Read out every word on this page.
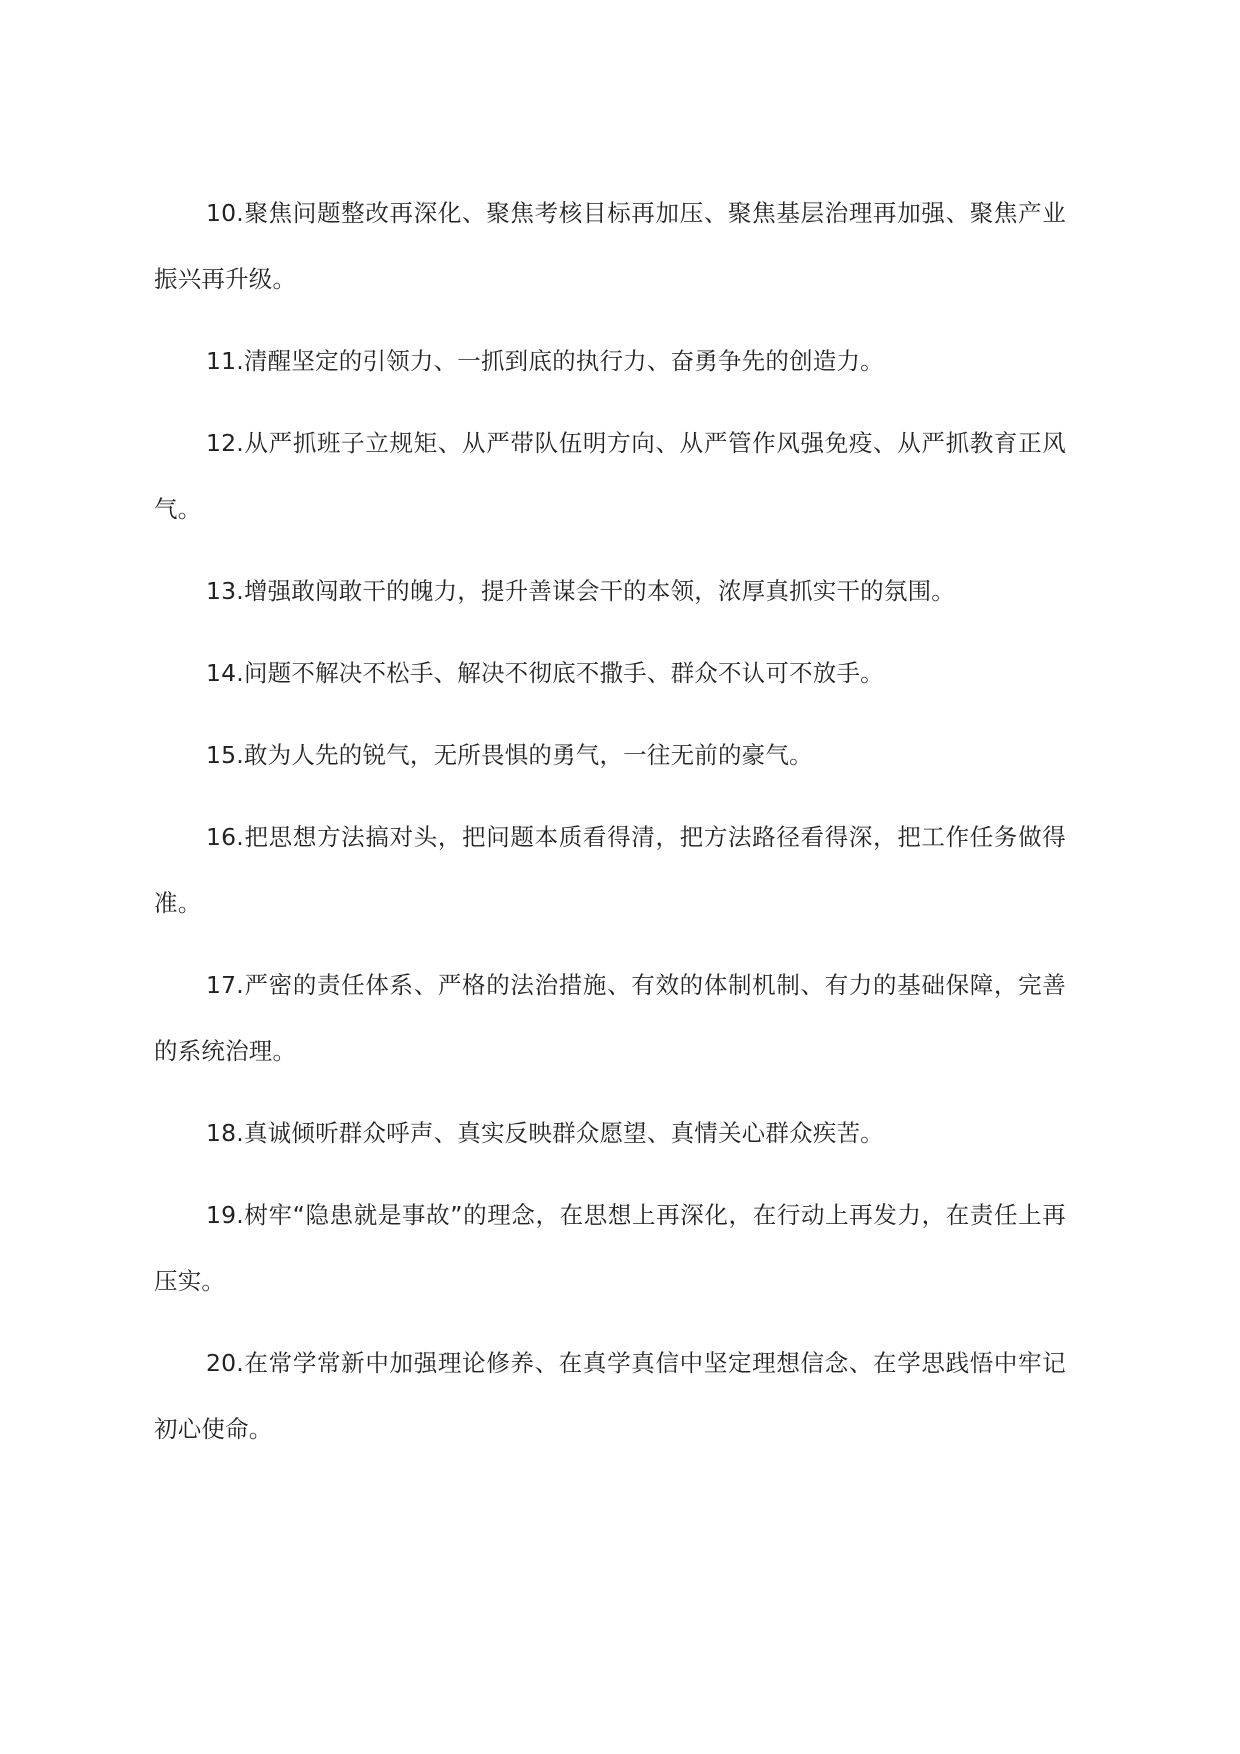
10.聚焦问题整改再深化、聚焦考核目标再加压、聚焦基层治理再加强、聚焦产业振兴再升级。

11.清醒坚定的引领力、一抓到底的执行力、奋勇争先的创造力。

12.从严抓班子立规矩、从严带队伍明方向、从严管作风强免疫、从严抓教育正风气。

13.增强敢闯敢干的魄力，提升善谋会干的本领，浓厚真抓实干的氛围。

14.问题不解决不松手、解决不彻底不撒手、群众不认可不放手。

15.敢为人先的锐气，无所畏惧的勇气，一往无前的豪气。

16.把思想方法搞对头，把问题本质看得清，把方法路径看得深，把工作任务做得准。

17.严密的责任体系、严格的法治措施、有效的体制机制、有力的基础保障，完善的系统治理。

18.真诚倾听群众呼声、真实反映群众愿望、真情关心群众疾苦。

19.树牢“隐患就是事故”的理念，在思想上再深化，在行动上再发力，在责任上再压实。

20.在常学常新中加强理论修养、在真学真信中坚定理想信念、在学思践悟中牢记初心使命。
